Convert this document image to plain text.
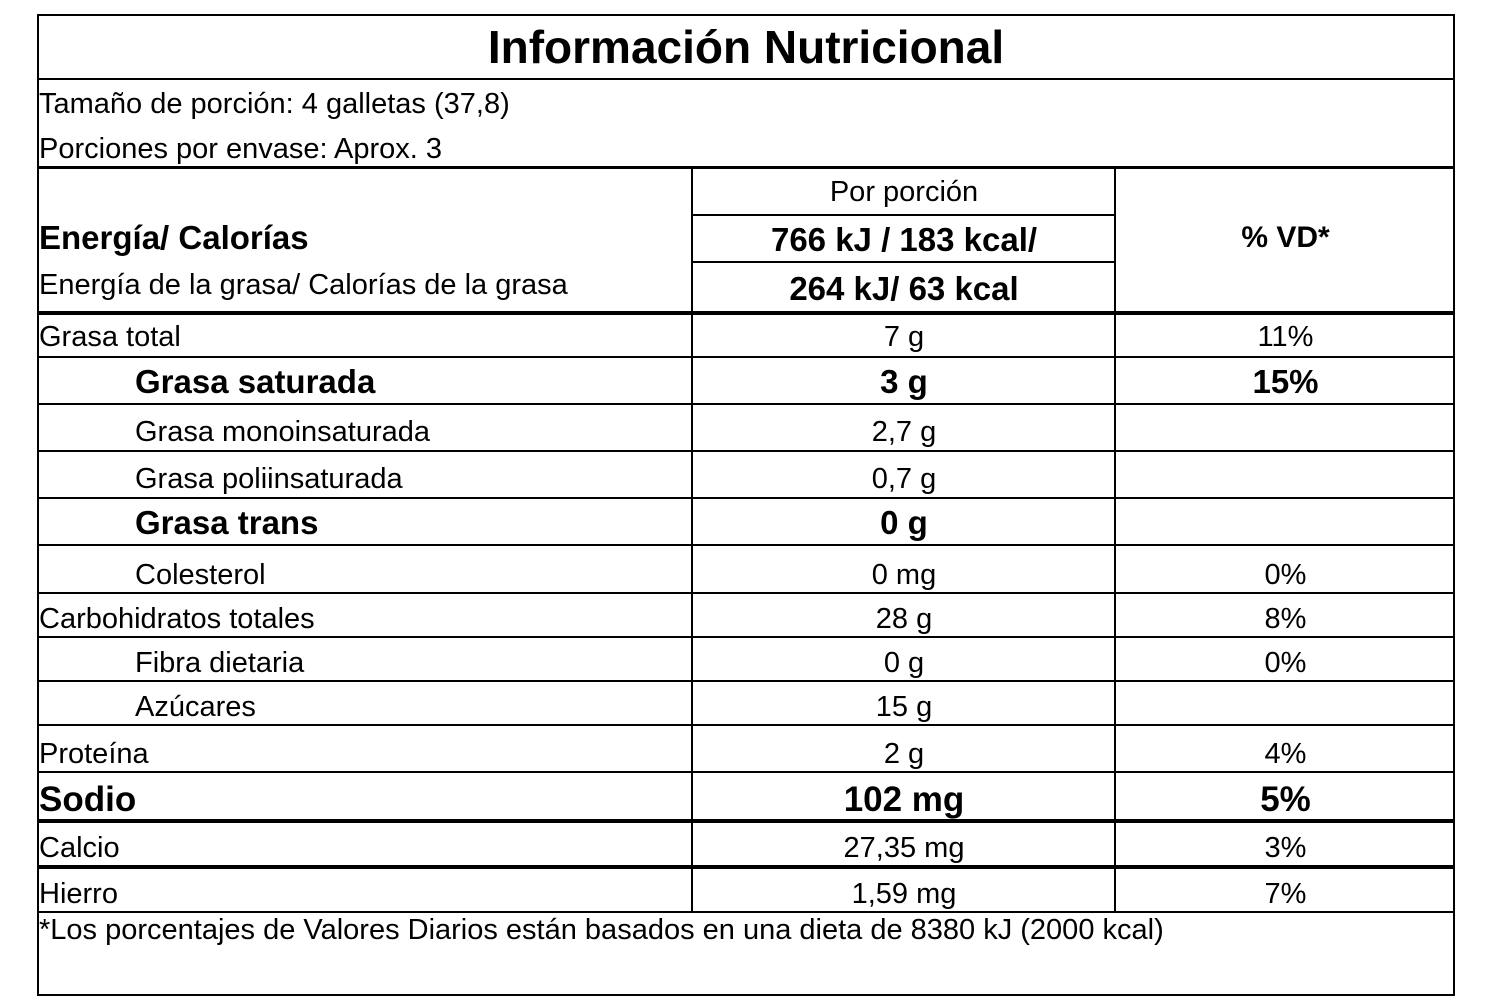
Información Nutricional
Tamaño de porción: 4 galletas (37,8)
Porciones por envase: Aprox. 3
Por porción
Energía/ Calorías	766 kJ / 183 kcal/	% VD*
Energía de la grasa/ Calorías de la grasa	264 kJ/ 63 kcal
Grasa total	7 g	11%
Grasa saturada	3 g	15%
Grasa monoinsaturada	2,7 g
Grasa poliinsaturada	0,7 g
Grasa trans	0 g
Colesterol	0 mg	0%
Carbohidratos totales	28 g	8%
Fibra dietaria	0 g	0%
Azúcares	15 g
Proteína	2 g	4%
Sodio	102 mg	5%
Calcio	27,35 mg	3%
Hierro	1,59 mg	7%
*Los porcentajes de Valores Diarios están basados en una dieta de 8380 kJ (2000 kcal)
